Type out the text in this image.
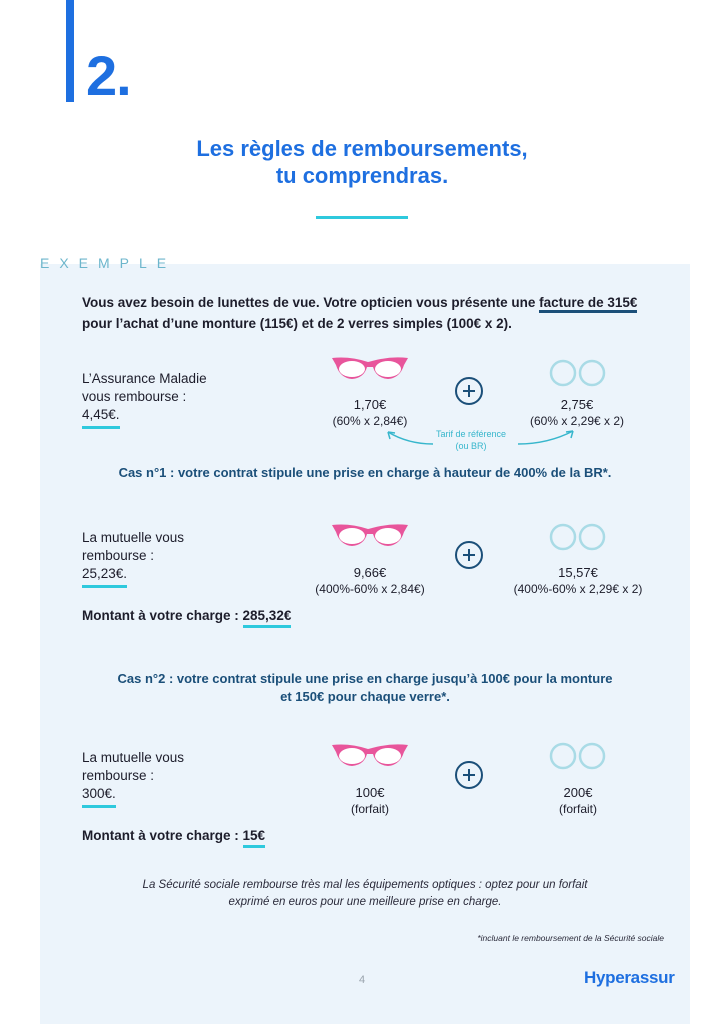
2.
Les règles de remboursements,
tu comprendras.
EXEMPLE
Vous avez besoin de lunettes de vue. Votre opticien vous présente une facture de 315€
pour l’achat d’une monture (115€) et de 2 verres simples (100€ x 2).
L’Assurance Maladie
vous rembourse :
4,45€.
1,70€
(60% x 2,84€)
2,75€
(60% x 2,29€ x 2)
Tarif de référence
(ou BR)
Cas n°1 : votre contrat stipule une prise en charge à hauteur de 400% de la BR*.
La mutuelle vous
rembourse :
25,23€.	9,66€
(400%-60% x 2,84€)
15,57€
(400%-60% x 2,29€ x 2)
Montant à votre charge : 285,32€
Cas n°2 : votre contrat stipule une prise en charge jusqu’à 100€ pour la monture
et 150€ pour chaque verre*.
La mutuelle vous
rembourse :
300€.	100€
(forfait)
200€
(forfait)
Montant à votre charge : 15€
La Sécurité sociale rembourse très mal les équipements optiques : optez pour un forfait
exprimé en euros pour une meilleure prise en charge.
*incluant le remboursement de la Sécurité sociale
4	Hyperassur
